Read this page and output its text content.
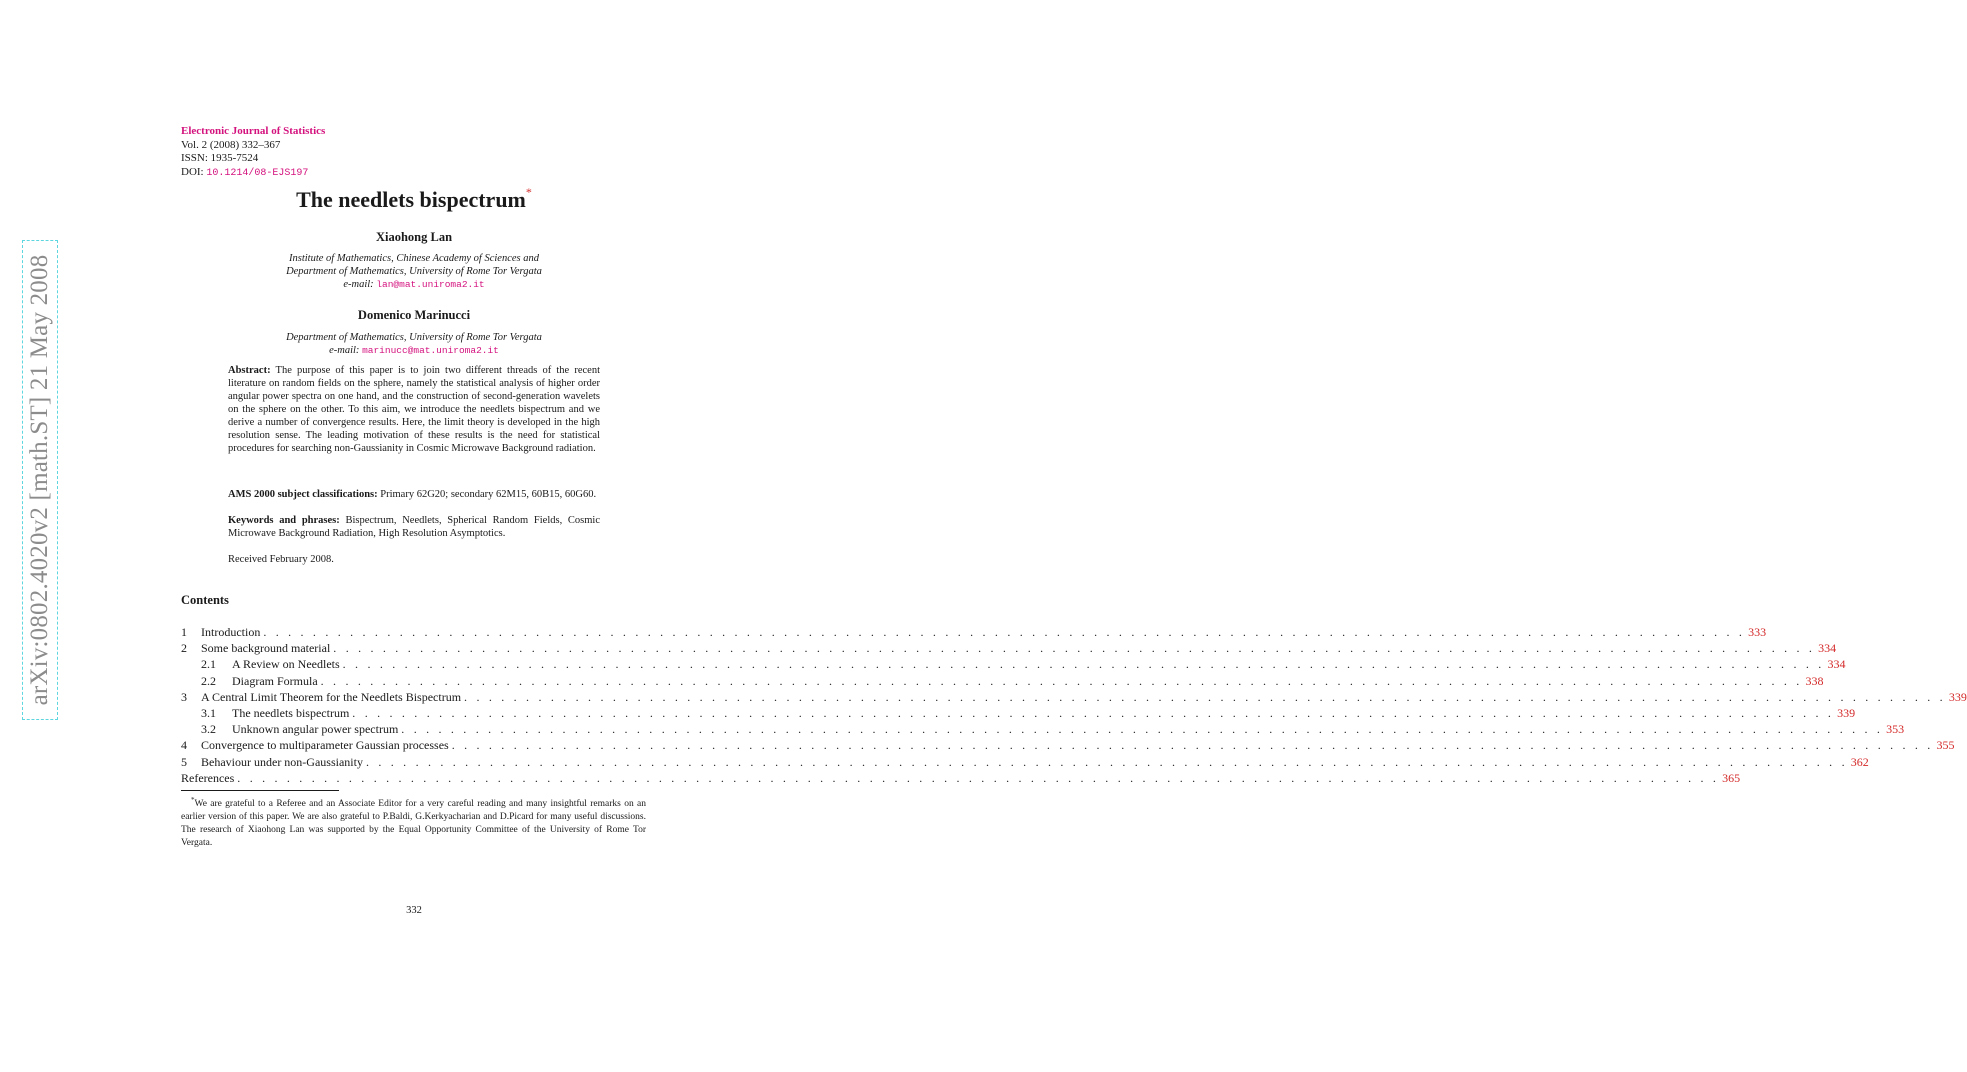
arXiv:0802.4020v2 [math.ST] 21 May 2008
Electronic Journal of Statistics
Vol. 2 (2008) 332–367
ISSN: 1935-7524
DOI: 10.1214/08-EJS197
The needlets bispectrum*
Xiaohong Lan
Institute of Mathematics, Chinese Academy of Sciences and
Department of Mathematics, University of Rome Tor Vergata
e-mail: lan@mat.uniroma2.it
Domenico Marinucci
Department of Mathematics, University of Rome Tor Vergata
e-mail: marinucc@mat.uniroma2.it
Abstract: The purpose of this paper is to join two different threads of the recent literature on random fields on the sphere, namely the statistical analysis of higher order angular power spectra on one hand, and the construction of second-generation wavelets on the sphere on the other. To this aim, we introduce the needlets bispectrum and we derive a number of convergence results. Here, the limit theory is developed in the high resolution sense. The leading motivation of these results is the need for statistical procedures for searching non-Gaussianity in Cosmic Microwave Background radiation.
AMS 2000 subject classifications: Primary 62G20; secondary 62M15, 60B15, 60G60.
Keywords and phrases: Bispectrum, Needlets, Spherical Random Fields, Cosmic Microwave Background Radiation, High Resolution Asymptotics.
Received February 2008.
Contents
1 Introduction . . . . . . . . . . . . . . . . . . . . . . . . . . . . . . . . . . . . . . . . . . . . . . . . . . . . . . . . . . . . . . . . . . . . . . . . . . . . . . . . . . . . . . . . . . . . . . . . . . . . . . . . . . . . . . . . . . . . . . . . 333
2 Some background material . . . . . . . . . . . . . . . . . . . . . . . . . . . . . . . . . . . . . . . . . . . . . . . . . . . . . . . . . . . . . . . . . . . . . . . . . . . . . . . . . . . . . . . . . . . . . . . . . . . . . . . . . . . . . . . . . . . . . . . . 334
2.1 A Review on Needlets . . . . . . . . . . . . . . . . . . . . . . . . . . . . . . . . . . . . . . . . . . . . . . . . . . . . . . . . . . . . . . . . . . . . . . . . . . . . . . . . . . . . . . . . . . . . . . . . . . . . . . . . . . . . . . . . . . . . . . . . 334
2.2 Diagram Formula . . . . . . . . . . . . . . . . . . . . . . . . . . . . . . . . . . . . . . . . . . . . . . . . . . . . . . . . . . . . . . . . . . . . . . . . . . . . . . . . . . . . . . . . . . . . . . . . . . . . . . . . . . . . . . . . . . . . . . . . 338
3 A Central Limit Theorem for the Needlets Bispectrum . . . . . . . . . . . . . . . . . . . . . . . . . . . . . . . . . . . . . . . . . . . . . . . . . . . . . . . . . . . . . . . . . . . . . . . . . . . . . . . . . . . . . . . . . . . . . . . . . . . . . . . . . . . . . . . . . . . . . . . . 339
3.1 The needlets bispectrum . . . . . . . . . . . . . . . . . . . . . . . . . . . . . . . . . . . . . . . . . . . . . . . . . . . . . . . . . . . . . . . . . . . . . . . . . . . . . . . . . . . . . . . . . . . . . . . . . . . . . . . . . . . . . . . . . . . . . . . . 339
3.2 Unknown angular power spectrum . . . . . . . . . . . . . . . . . . . . . . . . . . . . . . . . . . . . . . . . . . . . . . . . . . . . . . . . . . . . . . . . . . . . . . . . . . . . . . . . . . . . . . . . . . . . . . . . . . . . . . . . . . . . . . . . . . . . . . . . 353
4 Convergence to multiparameter Gaussian processes . . . . . . . . . . . . . . . . . . . . . . . . . . . . . . . . . . . . . . . . . . . . . . . . . . . . . . . . . . . . . . . . . . . . . . . . . . . . . . . . . . . . . . . . . . . . . . . . . . . . . . . . . . . . . . . . . . . . . . . . 355
5 Behaviour under non-Gaussianity . . . . . . . . . . . . . . . . . . . . . . . . . . . . . . . . . . . . . . . . . . . . . . . . . . . . . . . . . . . . . . . . . . . . . . . . . . . . . . . . . . . . . . . . . . . . . . . . . . . . . . . . . . . . . . . . . . . . . . . . 362
References . . . . . . . . . . . . . . . . . . . . . . . . . . . . . . . . . . . . . . . . . . . . . . . . . . . . . . . . . . . . . . . . . . . . . . . . . . . . . . . . . . . . . . . . . . . . . . . . . . . . . . . . . . . . . . . . . . . . . . . . 365
*We are grateful to a Referee and an Associate Editor for a very careful reading and many insightful remarks on an earlier version of this paper. We are also grateful to P.Baldi, G.Kerkyacharian and D.Picard for many useful discussions. The research of Xiaohong Lan was supported by the Equal Opportunity Committee of the University of Rome Tor Vergata.
332
